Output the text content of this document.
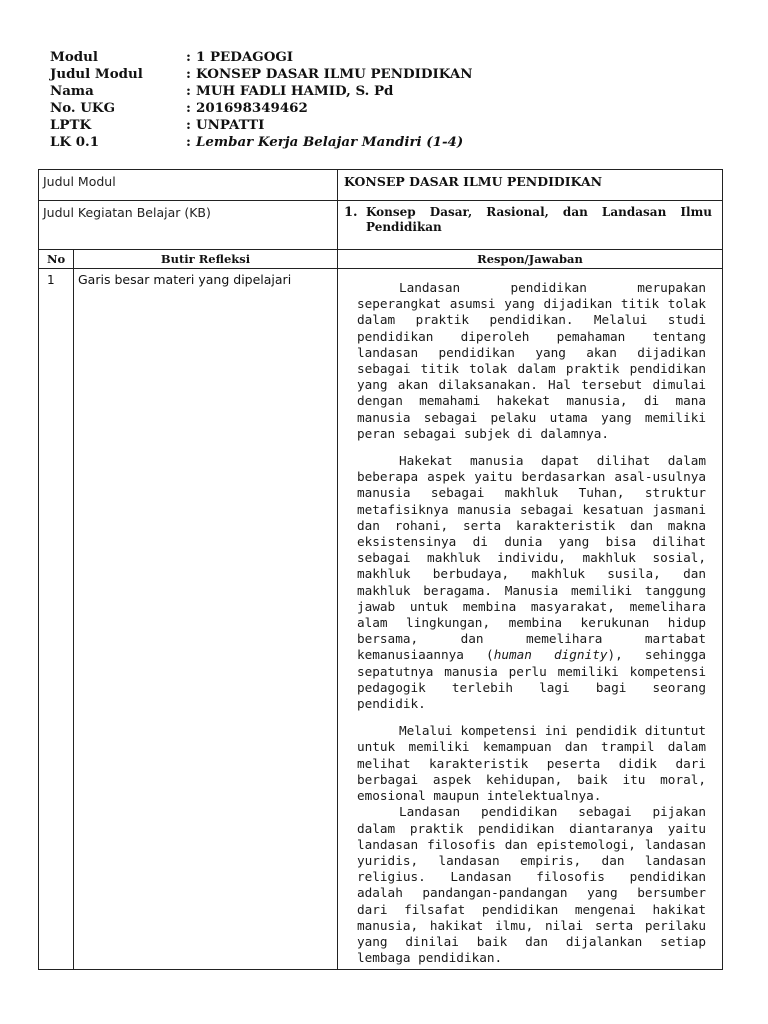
Modul	: 1 PEDAGOGI
Judul Modul	: KONSEP DASAR ILMU PENDIDIKAN
Nama	: MUH FADLI HAMID, S. Pd
No. UKG	: 201698349462
LPTK	: UNPATTI
LK 0.1	: Lembar Kerja Belajar Mandiri (1-4)
Judul Modul		KONSEP DASAR ILMU PENDIDIKAN

Judul Kegiatan Belajar (KB)		1. Konsep Dasar, Rasional, dan Landasan Ilmu Pendidikan

No	Butir Refleksi	Respon/Jawaban

1	Garis besar materi yang dipelajari	Landasan pendidikan merupakan seperangkat asumsi yang dijadikan titik tolak dalam praktik pendidikan. Melalui studi pendidikan diperoleh pemahaman tentang landasan pendidikan yang akan dijadikan sebagai titik tolak dalam praktik pendidikan yang akan dilaksanakan. Hal tersebut dimulai dengan memahami hakekat manusia, di mana manusia sebagai pelaku utama yang memiliki peran sebagai subjek di dalamnya.

Hakekat manusia dapat dilihat dalam beberapa aspek yaitu berdasarkan asal-usulnya manusia sebagai makhluk Tuhan, struktur metafisiknya manusia sebagai kesatuan jasmani dan rohani, serta karakteristik dan makna eksistensinya di dunia yang bisa dilihat sebagai makhluk individu, makhluk sosial, makhluk berbudaya, makhluk susila, dan makhluk beragama. Manusia memiliki tanggung jawab untuk membina masyarakat, memelihara alam lingkungan, membina kerukunan hidup bersama, dan memelihara martabat kemanusiaannya (human dignity), sehingga sepatutnya manusia perlu memiliki kompetensi pedagogik terlebih lagi bagi seorang pendidik.

Melalui kompetensi ini pendidik dituntut untuk memiliki kemampuan dan trampil dalam melihat karakteristik peserta didik dari berbagai aspek kehidupan, baik itu moral, emosional maupun intelektualnya.

Landasan pendidikan sebagai pijakan dalam praktik pendidikan diantaranya yaitu landasan filosofis dan epistemologi, landasan yuridis, landasan empiris, dan landasan religius. Landasan filosofis pendidikan adalah pandangan-pandangan yang bersumber dari filsafat pendidikan mengenai hakikat manusia, hakikat ilmu, nilai serta perilaku yang dinilai baik dan dijalankan setiap lembaga pendidikan.
